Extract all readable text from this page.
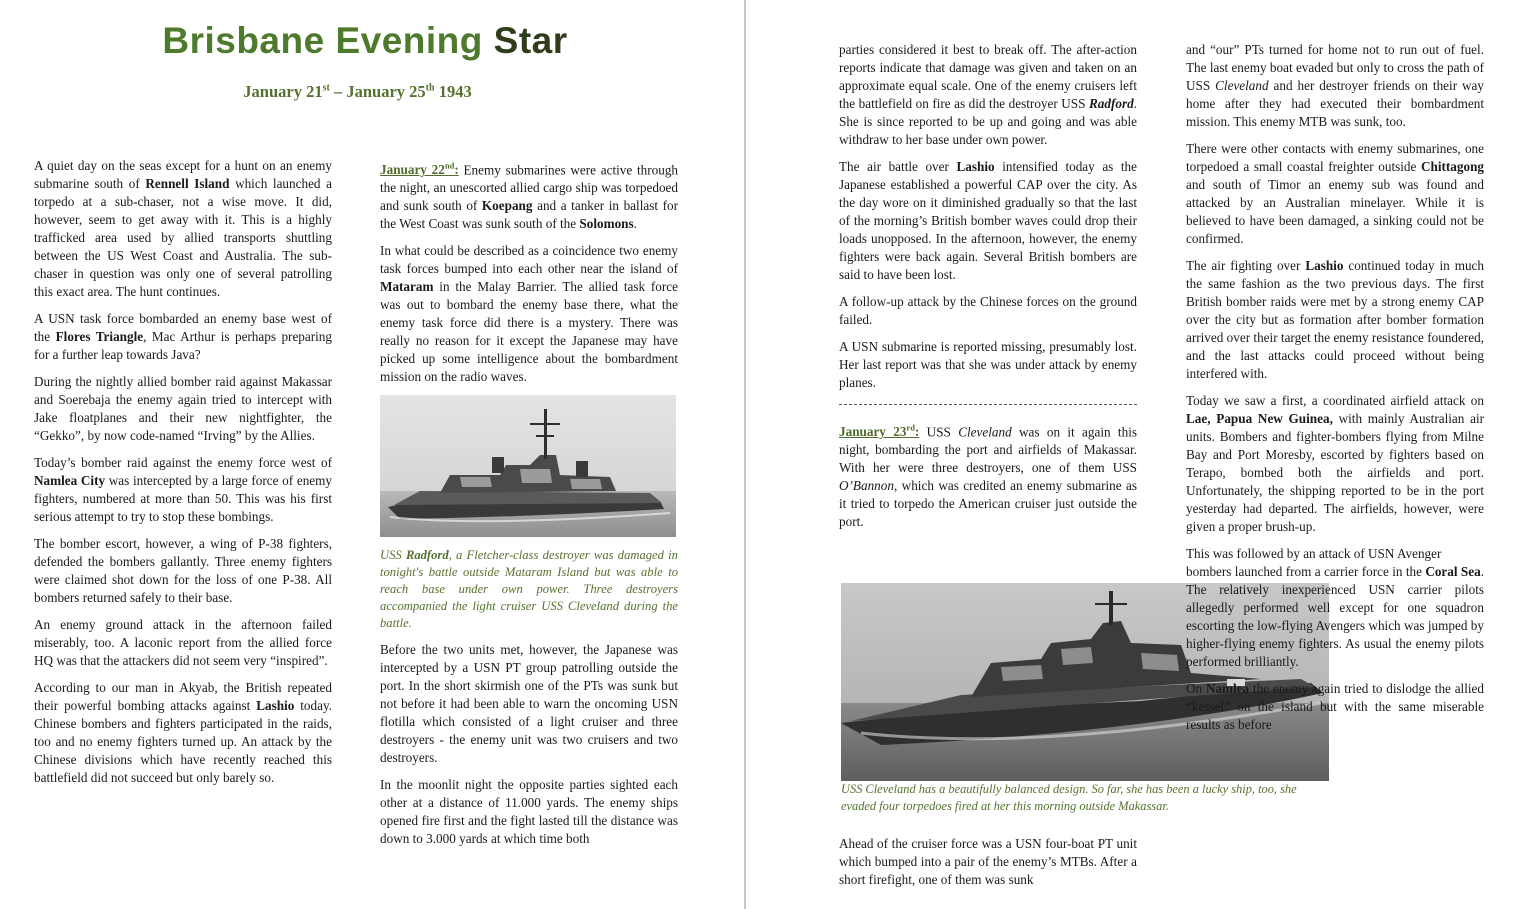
Brisbane Evening Star
January 21st – January 25th 1943

A quiet day on the seas except for a hunt on an enemy submarine south of Rennell Island which launched a torpedo at a sub-chaser, not a wise move. It did, however, seem to get away with it. This is a highly trafficked area used by allied transports shuttling between the US West Coast and Australia. The sub-chaser in question was only one of several patrolling this exact area. The hunt continues.

A USN task force bombarded an enemy base west of the Flores Triangle, Mac Arthur is perhaps preparing for a further leap towards Java?

During the nightly allied bomber raid against Makassar and Soerebaja the enemy again tried to intercept with Jake floatplanes and their new nightfighter, the “Gekko”, by now code-named “Irving” by the Allies.

Today’s bomber raid against the enemy force west of Namlea City was intercepted by a large force of enemy fighters, numbered at more than 50. This was his first serious attempt to try to stop these bombings.

The bomber escort, however, a wing of P-38 fighters, defended the bombers gallantly. Three enemy fighters were claimed shot down for the loss of one P-38. All bombers returned safely to their base.

An enemy ground attack in the afternoon failed miserably, too. A laconic report from the allied force HQ was that the attackers did not seem very “inspired”.

According to our man in Akyab, the British repeated their powerful bombing attacks against Lashio today. Chinese bombers and fighters participated in the raids, too and no enemy fighters turned up. An attack by the Chinese divisions which have recently reached this battlefield did not succeed but only barely so.

January 22nd: Enemy submarines were active through the night, an unescorted allied cargo ship was torpedoed and sunk south of Koepang and a tanker in ballast for the West Coast was sunk south of the Solomons.

In what could be described as a coincidence two enemy task forces bumped into each other near the island of Mataram in the Malay Barrier. The allied task force was out to bombard the enemy base there, what the enemy task force did there is a mystery. There was really no reason for it except the Japanese may have picked up some intelligence about the bombardment mission on the radio waves.

USS Radford, a Fletcher-class destroyer was damaged in tonight's battle outside Mataram Island but was able to reach base under own power. Three destroyers accompanied the light cruiser USS Cleveland during the battle.

Before the two units met, however, the Japanese was intercepted by a USN PT group patrolling outside the port. In the short skirmish one of the PTs was sunk but not before it had been able to warn the oncoming USN flotilla which consisted of a light cruiser and three destroyers - the enemy unit was two cruisers and two destroyers.

In the moonlit night the opposite parties sighted each other at a distance of 11.000 yards. The enemy ships opened fire first and the fight lasted till the distance was down to 3.000 yards at which time both

parties considered it best to break off. The after-action reports indicate that damage was given and taken on an approximate equal scale. One of the enemy cruisers left the battlefield on fire as did the destroyer USS Radford. She is since reported to be up and going and was able withdraw to her base under own power.

The air battle over Lashio intensified today as the Japanese established a powerful CAP over the city. As the day wore on it diminished gradually so that the last of the morning’s British bomber waves could drop their loads unopposed. In the afternoon, however, the enemy fighters were back again. Several British bombers are said to have been lost.

A follow-up attack by the Chinese forces on the ground failed.

A USN submarine is reported missing, presumably lost. Her last report was that she was under attack by enemy planes.

January 23rd: USS Cleveland was on it again this night, bombarding the port and airfields of Makassar. With her were three destroyers, one of them USS O’Bannon, which was credited an enemy submarine as it tried to torpedo the American cruiser just outside the port.

USS Cleveland has a beautifully balanced design. So far, she has been a lucky ship, too, she evaded four torpedoes fired at her this morning outside Makassar.

Ahead of the cruiser force was a USN four-boat PT unit which bumped into a pair of the enemy’s MTBs. After a short firefight, one of them was sunk

and “our” PTs turned for home not to run out of fuel. The last enemy boat evaded but only to cross the path of USS Cleveland and her destroyer friends on their way home after they had executed their bombardment mission. This enemy MTB was sunk, too.

There were other contacts with enemy submarines, one torpedoed a small coastal freighter outside Chittagong and south of Timor an enemy sub was found and attacked by an Australian minelayer. While it is believed to have been damaged, a sinking could not be confirmed.

The air fighting over Lashio continued today in much the same fashion as the two previous days. The first British bomber raids were met by a strong enemy CAP over the city but as formation after bomber formation arrived over their target the enemy resistance foundered, and the last attacks could proceed without being interfered with.

Today we saw a first, a coordinated airfield attack on Lae, Papua New Guinea, with mainly Australian air units. Bombers and fighter-bombers flying from Milne Bay and Port Moresby, escorted by fighters based on Terapo, bombed both the airfields and port. Unfortunately, the shipping reported to be in the port yesterday had departed. The airfields, however, were given a proper brush-up.

This was followed by an attack of USN Avenger

bombers launched from a carrier force in the Coral Sea. The relatively inexperienced USN carrier pilots allegedly performed well except for one squadron escorting the low-flying Avengers which was jumped by higher-flying enemy fighters. As usual the enemy pilots performed brilliantly.

On Namlea the enemy again tried to dislodge the allied “kessel” on the island but with the same miserable results as before
